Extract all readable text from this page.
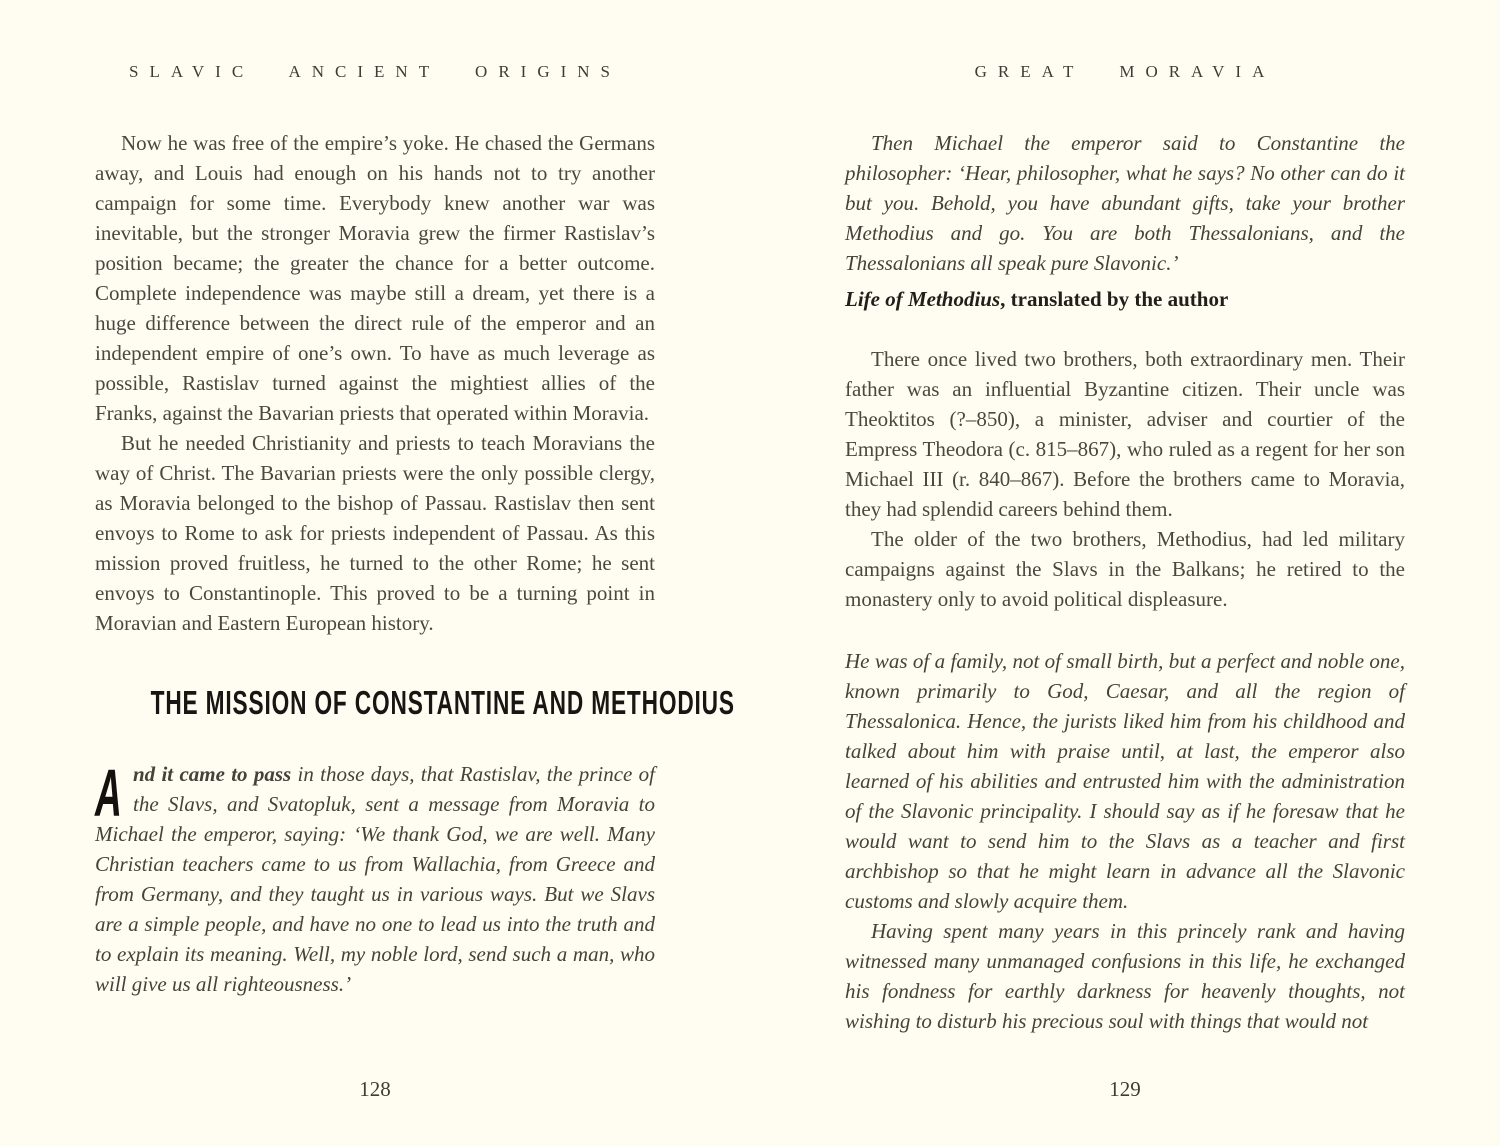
SLAVIC ANCIENT ORIGINS

Now he was free of the empire’s yoke. He chased the Germans away, and Louis had enough on his hands not to try another campaign for some time. Everybody knew another war was inevitable, but the stronger Moravia grew the firmer Rastislav’s position became; the greater the chance for a better outcome. Complete independence was maybe still a dream, yet there is a huge difference between the direct rule of the emperor and an independent empire of one’s own. To have as much leverage as possible, Rastislav turned against the mightiest allies of the Franks, against the Bavarian priests that operated within Moravia.

But he needed Christianity and priests to teach Moravians the way of Christ. The Bavarian priests were the only possible clergy, as Moravia belonged to the bishop of Passau. Rastislav then sent envoys to Rome to ask for priests independent of Passau. As this mission proved fruitless, he turned to the other Rome; he sent envoys to Constantinople. This proved to be a turning point in Moravian and Eastern European history.

THE MISSION OF CONSTANTINE AND METHODIUS
And it came to pass in those days, that Rastislav, the prince of the Slavs, and Svatopluk, sent a message from Moravia to Michael the emperor, saying: ‘We thank God, we are well. Many Christian teachers came to us from Wallachia, from Greece and from Germany, and they taught us in various ways. But we Slavs are a simple people, and have no one to lead us into the truth and to explain its meaning. Well, my noble lord, send such a man, who will give us all righteousness.’
128
GREAT MORAVIA

Then Michael the emperor said to Constantine the philosopher: ‘Hear, philosopher, what he says? No other can do it but you. Behold, you have abundant gifts, take your brother Methodius and go. You are both Thessalonians, and the Thessalonians all speak pure Slavonic.’

Life of Methodius, translated by the author

There once lived two brothers, both extraordinary men. Their father was an influential Byzantine citizen. Their uncle was Theoktitos (?–850), a minister, adviser and courtier of the Empress Theodora (c. 815–867), who ruled as a regent for her son Michael III (r. 840–867). Before the brothers came to Moravia, they had splendid careers behind them.

The older of the two brothers, Methodius, had led military campaigns against the Slavs in the Balkans; he retired to the monastery only to avoid political displeasure.

He was of a family, not of small birth, but a perfect and noble one, known primarily to God, Caesar, and all the region of Thessalonica. Hence, the jurists liked him from his childhood and talked about him with praise until, at last, the emperor also learned of his abilities and entrusted him with the administration of the Slavonic principality. I should say as if he foresaw that he would want to send him to the Slavs as a teacher and first archbishop so that he might learn in advance all the Slavonic customs and slowly acquire them.

Having spent many years in this princely rank and having witnessed many unmanaged confusions in this life, he exchanged his fondness for earthly darkness for heavenly thoughts, not wishing to disturb his precious soul with things that would not

129
